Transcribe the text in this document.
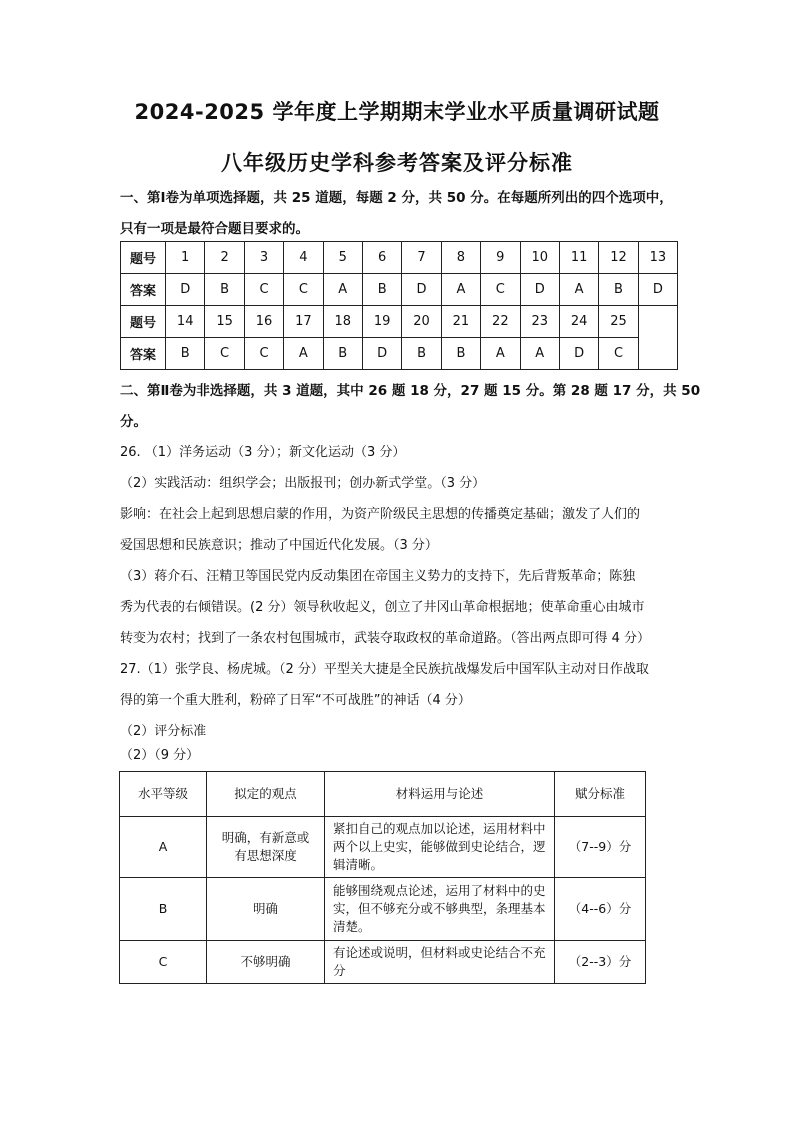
2024-2025 学年度上学期期末学业水平质量调研试题
八年级历史学科参考答案及评分标准
一、第Ⅰ卷为单项选择题，共 25 道题，每题 2 分，共 50 分。在每题所列出的四个选项中，
只有一项是最符合题目要求的。
题号	1	2	3	4	5	6	7	8	9	10	11	12	13
答案	D	B	C	C	A	B	D	A	C	D	A	B	D
题号	14	15	16	17	18	19	20	21	22	23	24	25	
答案	B	C	C	A	B	D	B	B	A	A	D	C	
二、第Ⅱ卷为非选择题，共 3 道题，其中 26 题 18 分，27 题 15 分。第 28 题 17 分，共 50
分。
26. （1）洋务运动（3 分）；新文化运动（3 分）
（2）实践活动：组织学会；出版报刊；创办新式学堂。（3 分）
影响：在社会上起到思想启蒙的作用，为资产阶级民主思想的传播奠定基础；激发了人们的
爱国思想和民族意识；推动了中国近代化发展。（3 分）
（3）蒋介石、汪精卫等国民党内反动集团在帝国主义势力的支持下，先后背叛革命；陈独
秀为代表的右倾错误。(2 分）领导秋收起义，创立了井冈山革命根据地；使革命重心由城市
转变为农村；找到了一条农村包围城市，武装夺取政权的革命道路。（答出两点即可得 4 分）
27.（1）张学良、杨虎城。（2 分）平型关大捷是全民族抗战爆发后中国军队主动对日作战取
得的第一个重大胜利，粉碎了日军“不可战胜”的神话（4 分）
（2）评分标准
（2）（9 分）
水平等级	拟定的观点	材料运用与论述	赋分标准
A	明确，有新意或
有思想深度	紧扣自己的观点加以论述，运用材料中两个以上史实，能够做到史论结合，逻辑清晰。	（7--9）分
B	明确	能够围绕观点论述，运用了材料中的史实，但不够充分或不够典型，条理基本清楚。	（4--6）分
C	不够明确	有论述或说明，但材料或史论结合不充分	（2--3）分
